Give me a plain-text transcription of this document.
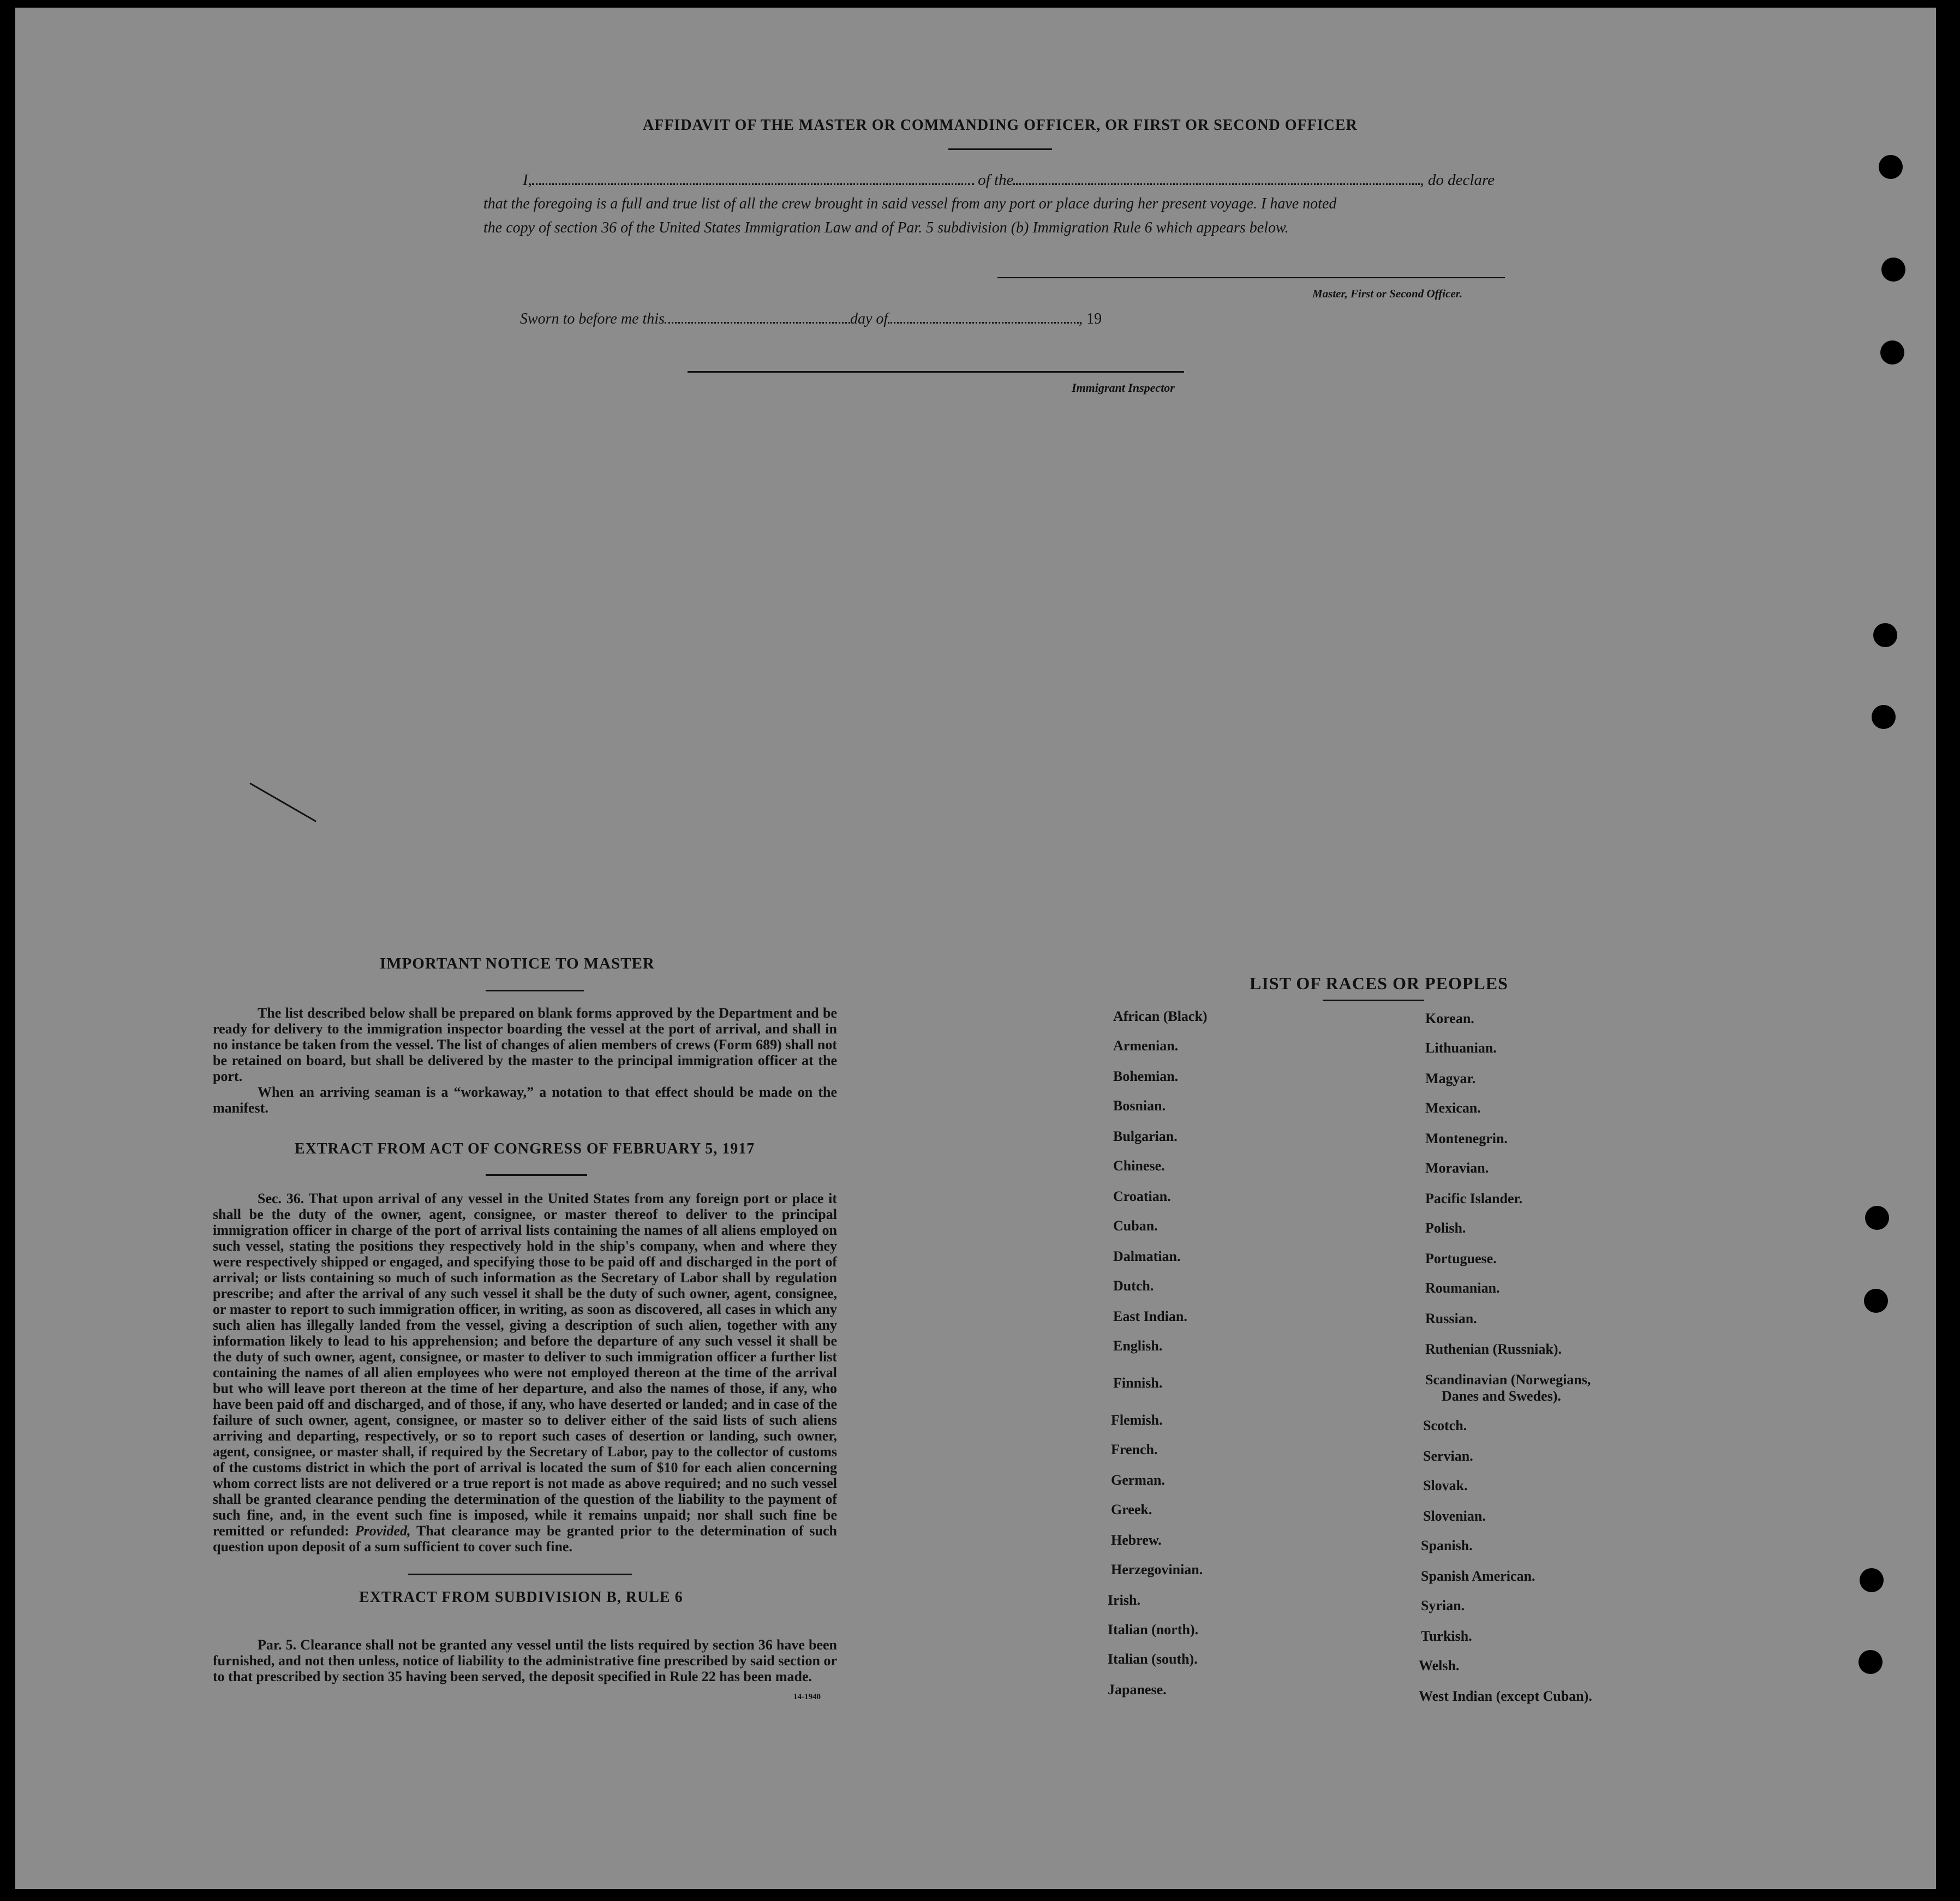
AFFIDAVIT OF THE MASTER OR COMMANDING OFFICER, OR FIRST OR SECOND OFFICER
I,	of the	, do declare
that the foregoing is a full and true list of all the crew brought in said vessel from any port or place during her present voyage. I have noted
the copy of section 36 of the United States Immigration Law and of Par. 5 subdivision (b) Immigration Rule 6 which appears below.
Master, First or Second Officer.
Sworn to before me this	day of	, 19
Immigrant Inspector
IMPORTANT NOTICE TO MASTER

The list described below shall be prepared on blank forms approved by the Department and be ready for delivery to the immigration inspector boarding the vessel at the port of arrival, and shall in no instance be taken from the vessel. The list of changes of alien members of crews (Form 689) shall not be retained on board, but shall be delivered by the master to the principal immigration officer at the port.

When an arriving seaman is a “workaway,” a notation to that effect should be made on the manifest.

EXTRACT FROM ACT OF CONGRESS OF FEBRUARY 5, 1917

Sec. 36. That upon arrival of any vessel in the United States from any foreign port or place it shall be the duty of the owner, agent, consignee, or master thereof to deliver to the principal immigration officer in charge of the port of arrival lists containing the names of all aliens employed on such vessel, stating the positions they respectively hold in the ship's company, when and where they were respectively shipped or engaged, and specifying those to be paid off and discharged in the port of arrival; or lists containing so much of such information as the Secretary of Labor shall by regulation prescribe; and after the arrival of any such vessel it shall be the duty of such owner, agent, consignee, or master to report to such immigration officer, in writing, as soon as discovered, all cases in which any such alien has illegally landed from the vessel, giving a description of such alien, together with any information likely to lead to his apprehension; and before the departure of any such vessel it shall be the duty of such owner, agent, consignee, or master to deliver to such immigration officer a further list containing the names of all alien employees who were not employed thereon at the time of the arrival but who will leave port thereon at the time of her departure, and also the names of those, if any, who have been paid off and discharged, and of those, if any, who have deserted or landed; and in case of the failure of such owner, agent, consignee, or master so to deliver either of the said lists of such aliens arriving and departing, respectively, or so to report such cases of desertion or landing, such owner, agent, consignee, or master shall, if required by the Secretary of Labor, pay to the collector of customs of the customs district in which the port of arrival is located the sum of $10 for each alien concerning whom correct lists are not delivered or a true report is not made as above required; and no such vessel shall be granted clearance pending the determination of the question of the liability to the payment of such fine, and, in the event such fine is imposed, while it remains unpaid; nor shall such fine be remitted or refunded: Provided, That clearance may be granted prior to the determination of such question upon deposit of a sum sufficient to cover such fine.

EXTRACT FROM SUBDIVISION B, RULE 6

Par. 5. Clearance shall not be granted any vessel until the lists required by section 36 have been furnished, and not then unless, notice of liability to the administrative fine prescribed by said section or to that prescribed by section 35 having been served, the deposit specified in Rule 22 has been made.

14-1940
LIST OF RACES OR PEOPLES
African (Black)
Armenian.
Bohemian.
Bosnian.
Bulgarian.
Chinese.
Croatian.
Cuban.
Dalmatian.
Dutch.
East Indian.
English.
Finnish.
Flemish.
French.
German.
Greek.
Hebrew.
Herzegovinian.
Irish.
Italian (north).
Italian (south).
Japanese.
Korean.
Lithuanian.
Magyar.
Mexican.
Montenegrin.
Moravian.
Pacific Islander.
Polish.
Portuguese.
Roumanian.
Russian.
Ruthenian (Russniak).
Scandinavian (Norwegians,
Danes and Swedes).
Scotch.
Servian.
Slovak.
Slovenian.
Spanish.
Spanish American.
Syrian.
Turkish.
Welsh.
West Indian (except Cuban).
